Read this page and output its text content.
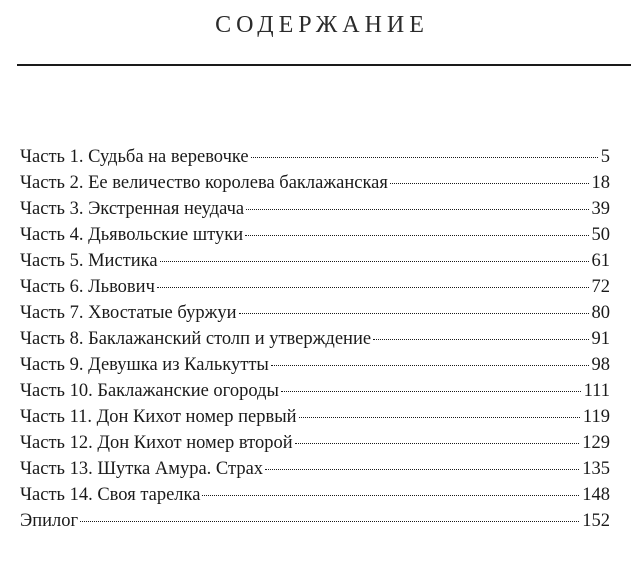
СОДЕРЖАНИЕ
Часть 1. Судьба на веревочке	5
Часть 2. Ее величество королева баклажанская	18
Часть 3. Экстренная неудача	39
Часть 4. Дьявольские штуки	50
Часть 5. Мистика	61
Часть 6. Львович	72
Часть 7. Хвостатые буржуи	80
Часть 8. Баклажанский столп и утверждение	91
Часть 9. Девушка из Калькутты	98
Часть 10. Баклажанские огороды	111
Часть 11. Дон Кихот номер первый	119
Часть 12. Дон Кихот номер второй	129
Часть 13. Шутка Амура. Страх	135
Часть 14. Своя тарелка	148
Эпилог	152
